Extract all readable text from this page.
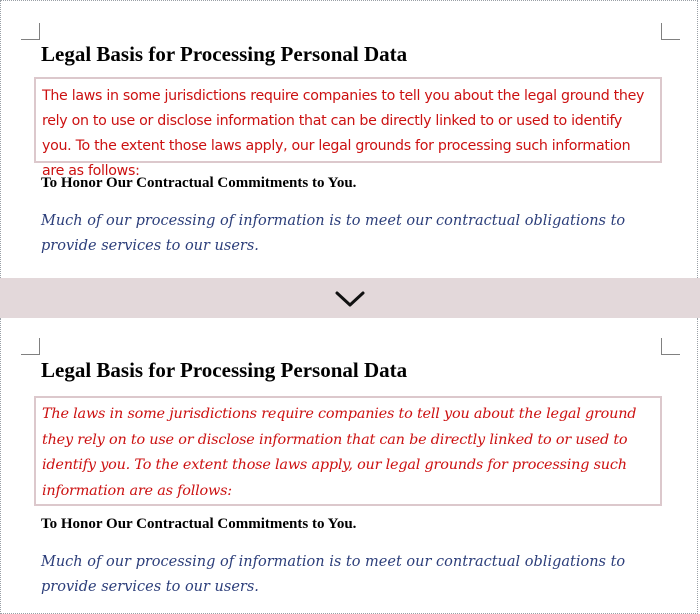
Legal Basis for Processing Personal Data
The laws in some jurisdictions require companies to tell you about the legal ground they rely on to use or disclose information that can be directly linked to or used to identify you. To the extent those laws apply, our legal grounds for processing such information are as follows:
To Honor Our Contractual Commitments to You.
Much of our processing of information is to meet our contractual obligations to provide services to our users.
Legal Basis for Processing Personal Data
The laws in some jurisdictions require companies to tell you about the legal ground they rely on to use or disclose information that can be directly linked to or used to identify you. To the extent those laws apply, our legal grounds for processing such information are as follows:
To Honor Our Contractual Commitments to You.
Much of our processing of information is to meet our contractual obligations to provide services to our users.
